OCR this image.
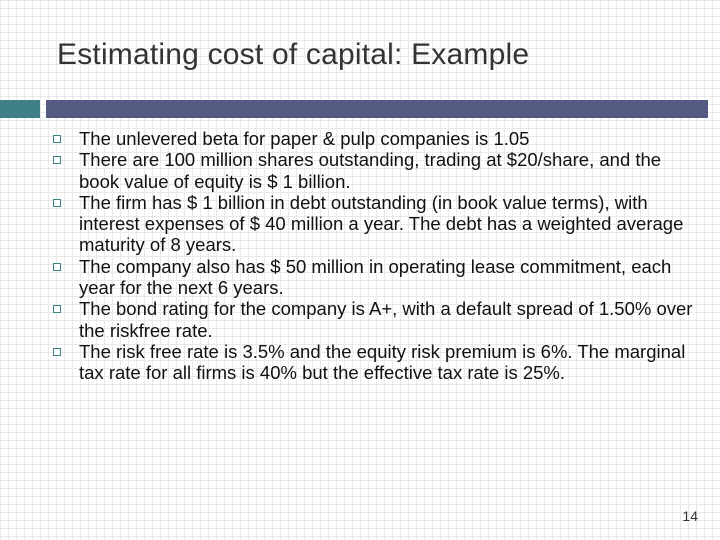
Estimating cost of capital: Example
The unlevered beta for paper & pulp companies is 1.05
There are 100 million shares outstanding, trading at $20/share, and the book value of equity is $ 1 billion.
The firm has $ 1 billion in debt outstanding (in book value terms), with interest expenses of $ 40 million a year. The debt has a weighted average maturity of 8 years.
The company also has $ 50 million in operating lease commitment, each year for the next 6 years.
The bond rating for the company is A+, with a default spread of 1.50% over the riskfree rate.
The risk free rate is 3.5% and the equity risk premium is 6%. The marginal tax rate for all firms is 40% but the effective tax rate is 25%.
14
